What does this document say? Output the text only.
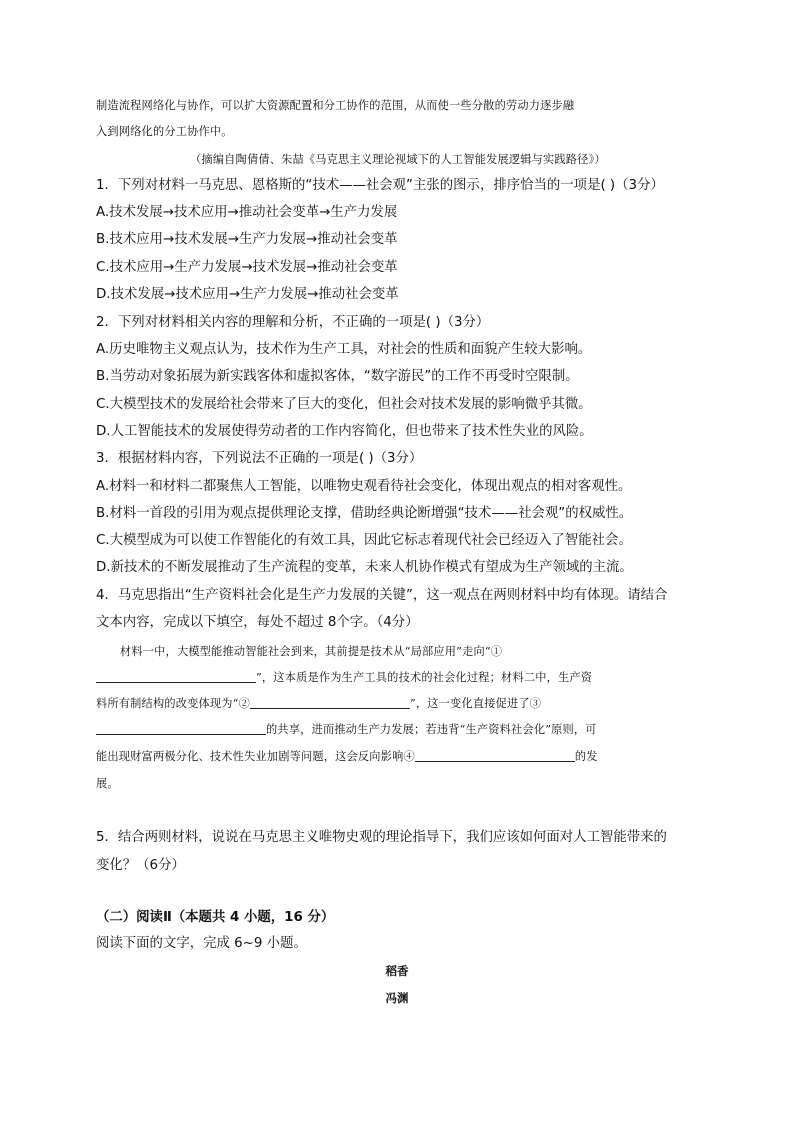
制造流程网络化与协作，可以扩大资源配置和分工协作的范围，从而使一些分散的劳动力逐步融
入到网络化的分工协作中。
（摘编自陶倩倩、朱喆《马克思主义理论视域下的人工智能发展逻辑与实践路径》）
1．下列对材料一马克思、恩格斯的“技术——社会观”主张的图示，排序恰当的一项是( )（3分）
A.技术发展→技术应用→推动社会变革→生产力发展
B.技术应用→技术发展→生产力发展→推动社会变革
C.技术应用→生产力发展→技术发展→推动社会变革
D.技术发展→技术应用→生产力发展→推动社会变革
2．下列对材料相关内容的理解和分析，不正确的一项是( )（3分）
A.历史唯物主义观点认为，技术作为生产工具，对社会的性质和面貌产生较大影响。
B.当劳动对象拓展为新实践客体和虚拟客体，“数字游民”的工作不再受时空限制。
C.大模型技术的发展给社会带来了巨大的变化，但社会对技术发展的影响微乎其微。
D.人工智能技术的发展使得劳动者的工作内容简化，但也带来了技术性失业的风险。
3．根据材料内容，下列说法不正确的一项是( )（3分）
A.材料一和材料二都聚焦人工智能，以唯物史观看待社会变化，体现出观点的相对客观性。
B.材料一首段的引用为观点提供理论支撑，借助经典论断增强“技术——社会观”的权威性。
C.大模型成为可以使工作智能化的有效工具，因此它标志着现代社会已经迈入了智能社会。
D.新技术的不断发展推动了生产流程的变革，未来人机协作模式有望成为生产领域的主流。
4．马克思指出“生产资料社会化是生产力发展的关键”，这一观点在两则材料中均有体现。请结合
文本内容，完成以下填空，每处不超过 8个字。（4分）
材料一中，大模型能推动智能社会到来，其前提是技术从“局部应用”走向“①
”，这本质是作为生产工具的技术的社会化过程；材料二中，生产资
料所有制结构的改变体现为“②	”，这一变化直接促进了③
的共享，进而推动生产力发展；若违背“生产资料社会化”原则，可
能出现财富两极分化、技术性失业加剧等问题，这会反向影响④	的发
展。
5．结合两则材料，说说在马克思主义唯物史观的理论指导下，我们应该如何面对人工智能带来的
变化？（6分）
（二）阅读Ⅱ（本题共 4 小题，16 分）
阅读下面的文字，完成 6~9 小题。
稻香
冯渊
